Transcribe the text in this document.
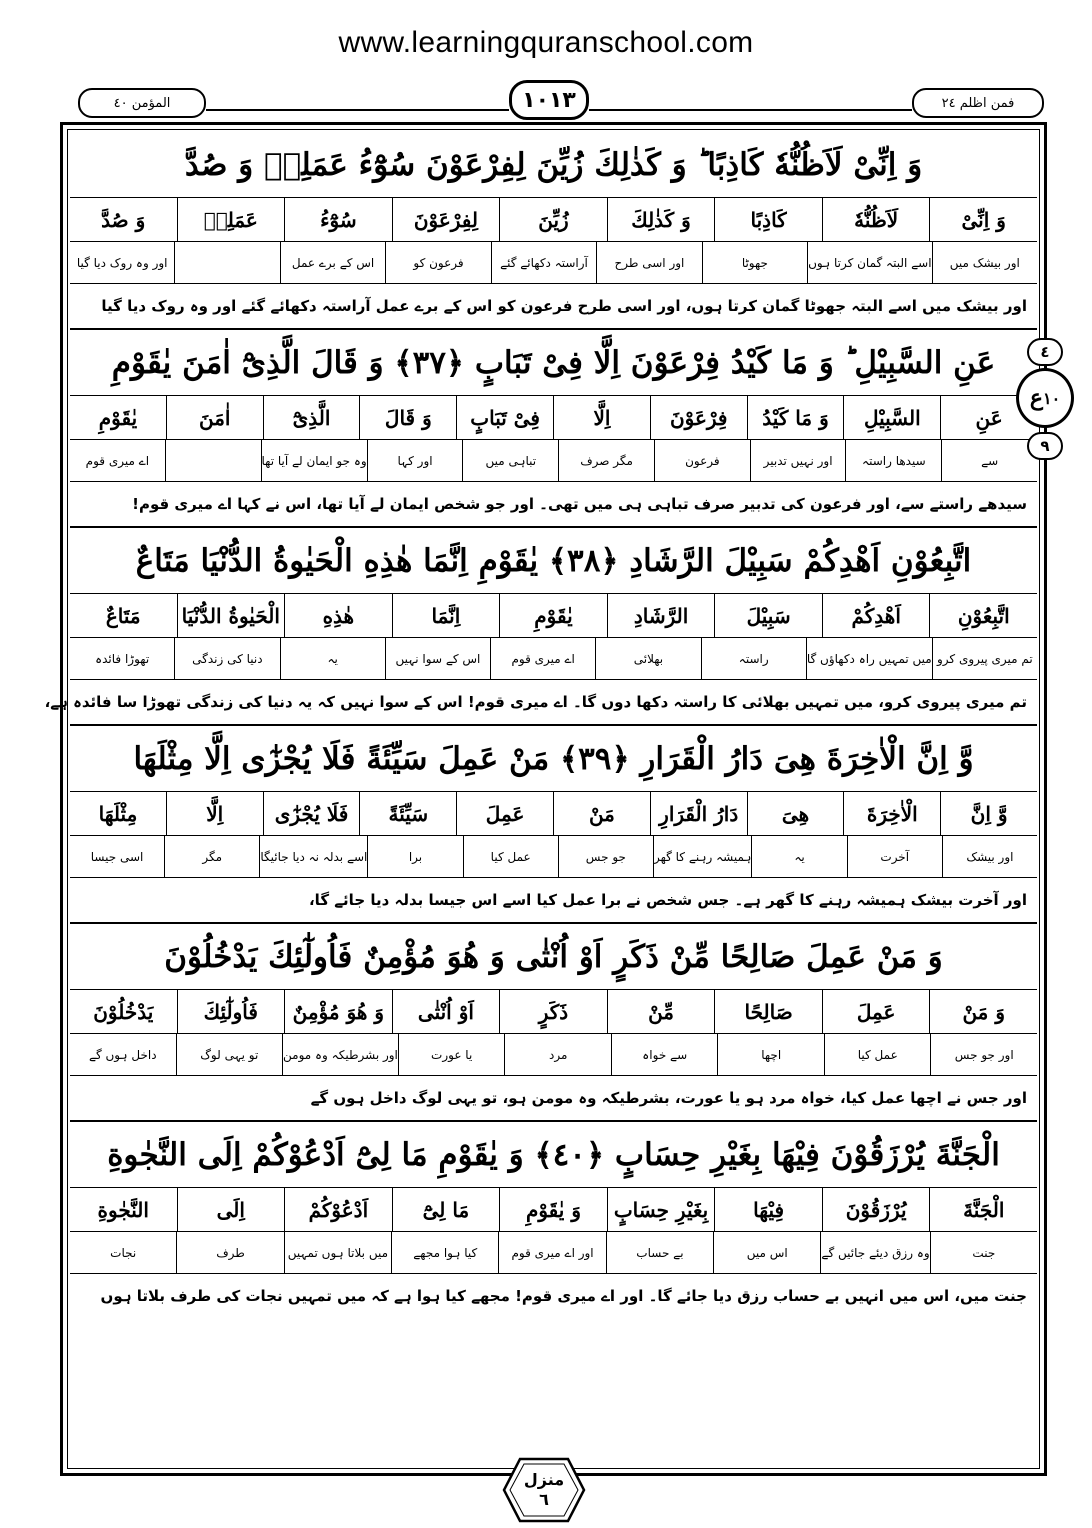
www.learningquranschool.com
المؤمن ٤٠	١٠١٣	فمن اظلم ٢٤
وَ اِنِّیْ لَاَظُنُّهٗ كَاذِبًا ؕ وَ كَذٰلِكَ زُیِّنَ لِفِرْعَوْنَ سُوْٓءُ عَمَلِهٖ وَ صُدَّ
وَ اِنِّیْ
لَاَظُنُّهٗ
كَاذِبًا
وَ كَذٰلِكَ
زُیِّنَ
لِفِرْعَوْنَ
سُوْٓءُ
عَمَلِهٖ
وَ صُدَّ
اور بیشک میں
اسے البتہ گمان کرتا ہوں
جھوٹا
اور اسی طرح
آراستہ دکھائے گئے
فرعون کو
اس کے برے عمل
اور وہ روک دیا گیا
اور بیشک میں اسے البتہ جھوٹا گمان کرتا ہوں، اور اسی طرح فرعون کو اس کے برے عمل آراستہ دکھائے گئے اور وہ روک دیا گیا
عَنِ السَّبِیْلِ ؕ وَ مَا كَیْدُ فِرْعَوْنَ اِلَّا فِیْ تَبَابٍ ﴿٣٧﴾ وَ قَالَ الَّذِیْٓ اٰمَنَ یٰقَوْمِ
عَنِ
السَّبِیْلِ
وَ مَا كَیْدُ
فِرْعَوْنَ
اِلَّا
فِیْ تَبَابٍ
وَ قَالَ
الَّذِیْٓ
اٰمَنَ
یٰقَوْمِ
سے
سیدھا راستہ
اور نہیں تدبیر
فرعون
مگر صرف
تباہی میں
اور کہا
وہ جو ایمان لے آیا تھا
اے میری قوم
سیدھے راستے سے، اور فرعون کی تدبیر صرف تباہی ہی میں تھی۔ اور جو شخص ایمان لے آیا تھا، اس نے کہا اے میری قوم!
اتَّبِعُوْنِ اَهْدِكُمْ سَبِیْلَ الرَّشَادِ ﴿٣٨﴾ یٰقَوْمِ اِنَّمَا هٰذِهِ الْحَیٰوةُ الدُّنْیَا مَتَاعٌ
اتَّبِعُوْنِ
اَهْدِكُمْ
سَبِیْلَ
الرَّشَادِ
یٰقَوْمِ
اِنَّمَا
هٰذِهِ
الْحَیٰوةُ الدُّنْیَا
مَتَاعٌ
تم میری پیروی کرو
میں تمہیں راہ دکھاؤں گا
راستہ
بھلائی
اے میری قوم
اس کے سوا نہیں
یہ
دنیا کی زندگی
تھوڑا فائدہ
تم میری پیروی کرو، میں تمہیں بھلائی کا راستہ دکھا دوں گا۔ اے میری قوم! اس کے سوا نہیں کہ یہ دنیا کی زندگی تھوڑا سا فائدہ ہے،
وَّ اِنَّ الْاٰخِرَةَ هِیَ دَارُ الْقَرَارِ ﴿٣٩﴾ مَنْ عَمِلَ سَیِّئَةً فَلَا یُجْزٰٓى اِلَّا مِثْلَهَا
وَّ اِنَّ
الْاٰخِرَةَ
هِیَ
دَارُ الْقَرَارِ
مَنْ
عَمِلَ
سَیِّئَةً
فَلَا یُجْزٰٓى
اِلَّا
مِثْلَهَا
اور بیشک
آخرت
یہ
ہمیشہ رہنے کا گھر
جو جس
عمل کیا
برا
اسے بدلہ نہ دیا جائیگا
مگر
اسی جیسا
اور آخرت بیشک ہمیشہ رہنے کا گھر ہے۔ جس شخص نے برا عمل کیا اسے اس جیسا بدلہ دیا جائے گا،
وَ مَنْ عَمِلَ صَالِحًا مِّنْ ذَكَرٍ اَوْ اُنْثٰى وَ هُوَ مُؤْمِنٌ فَاُولٰٓئِكَ یَدْخُلُوْنَ
وَ مَنْ
عَمِلَ
صَالِحًا
مِّنْ
ذَكَرٍ
اَوْ اُنْثٰى
وَ هُوَ مُؤْمِنٌ
فَاُولٰٓئِكَ
یَدْخُلُوْنَ
اور جو جس
عمل کیا
اچھا
سے خواہ
مرد
یا عورت
اور بشرطیکہ وہ مومن
تو یہی لوگ
داخل ہوں گے
اور جس نے اچھا عمل کیا، خواہ مرد ہو یا عورت، بشرطیکہ وہ مومن ہو، تو یہی لوگ داخل ہوں گے
الْجَنَّةَ یُرْزَقُوْنَ فِیْهَا بِغَیْرِ حِسَابٍ ﴿٤٠﴾ وَ یٰقَوْمِ مَا لِیْٓ اَدْعُوْكُمْ اِلَى النَّجٰوةِ
الْجَنَّةَ
یُرْزَقُوْنَ
فِیْهَا
بِغَیْرِ حِسَابٍ
وَ یٰقَوْمِ
مَا لِیْٓ
اَدْعُوْكُمْ
اِلَى
النَّجٰوةِ
جنت
وہ رزق دیئے جائیں گے
اس میں
بے حساب
اور اے میری قوم
کیا ہوا مجھے
میں بلاتا ہوں تمہیں
طرف
نجات
جنت میں، اس میں انہیں بے حساب رزق دیا جائے گا۔ اور اے میری قوم! مجھے کیا ہوا ہے کہ میں تمہیں نجات کی طرف بلاتا ہوں
٤
ع ١٠
٩
منزل
٦
